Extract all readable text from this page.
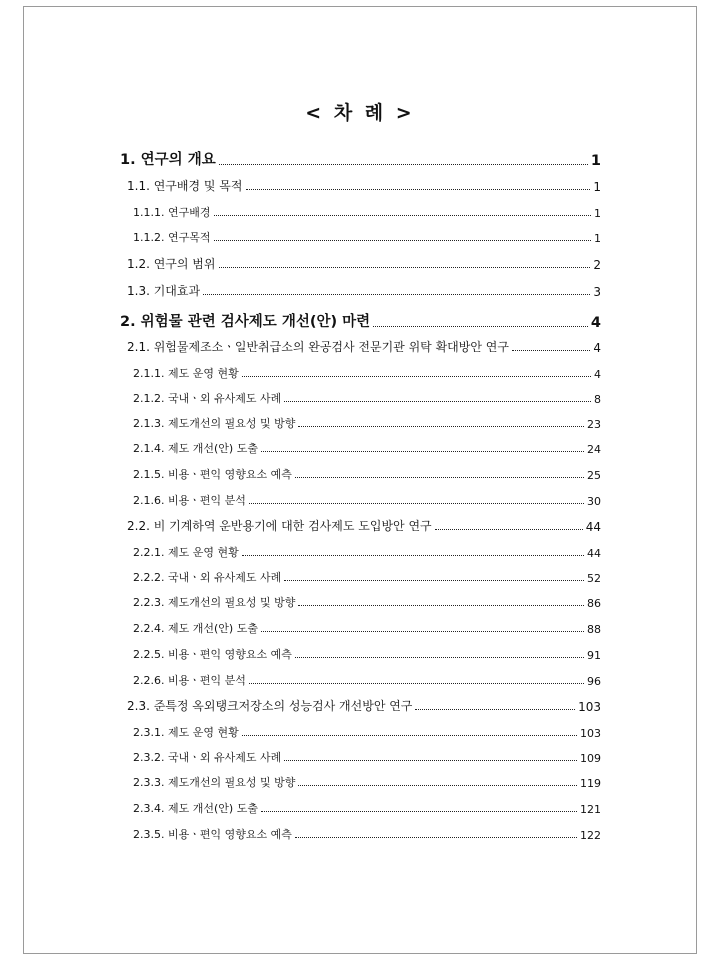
< 차 례 >
1. 연구의 개요	1
1.1. 연구배경 및 목적	1
1.1.1. 연구배경	1
1.1.2. 연구목적	1
1.2. 연구의 범위	2
1.3. 기대효과	3
2. 위험물 관련 검사제도 개선(안) 마련	4
2.1. 위험물제조소ㆍ일반취급소의 완공검사 전문기관 위탁 확대방안 연구	4
2.1.1. 제도 운영 현황	4
2.1.2. 국내ㆍ외 유사제도 사례	8
2.1.3. 제도개선의 필요성 및 방향	23
2.1.4. 제도 개선(안) 도출	24
2.1.5. 비용ㆍ편익 영향요소 예측	25
2.1.6. 비용ㆍ편익 분석	30
2.2. 비 기계하역 운반용기에 대한 검사제도 도입방안 연구	44
2.2.1. 제도 운영 현황	44
2.2.2. 국내ㆍ외 유사제도 사례	52
2.2.3. 제도개선의 필요성 및 방향	86
2.2.4. 제도 개선(안) 도출	88
2.2.5. 비용ㆍ편익 영향요소 예측	91
2.2.6. 비용ㆍ편익 분석	96
2.3. 준특정 옥외탱크저장소의 성능검사 개선방안 연구	103
2.3.1. 제도 운영 현황	103
2.3.2. 국내ㆍ외 유사제도 사례	109
2.3.3. 제도개선의 필요성 및 방향	119
2.3.4. 제도 개선(안) 도출	121
2.3.5. 비용ㆍ편익 영향요소 예측	122
